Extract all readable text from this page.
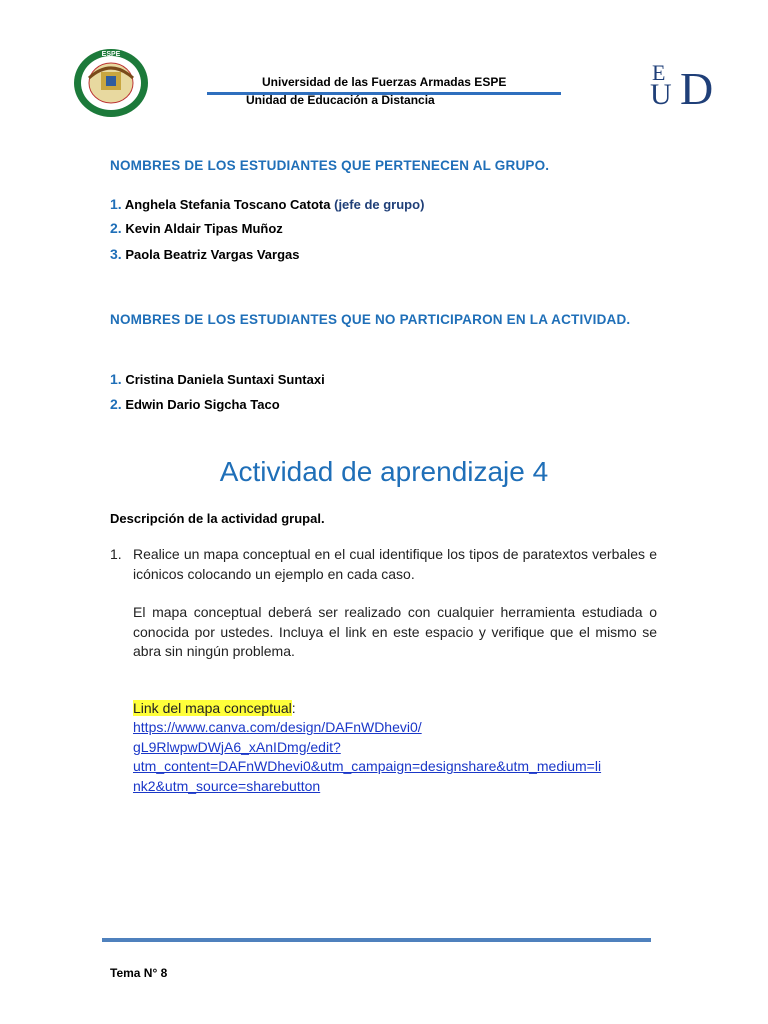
ESPE
E
U D
Universidad de las Fuerzas Armadas ESPE
Unidad de Educación a Distancia
NOMBRES DE LOS ESTUDIANTES QUE PERTENECEN AL GRUPO.
1. Anghela Stefania Toscano Catota (jefe de grupo)
2. Kevin Aldair Tipas Muñoz
3. Paola Beatriz Vargas Vargas
NOMBRES DE LOS ESTUDIANTES QUE NO PARTICIPARON EN LA ACTIVIDAD.
1. Cristina Daniela Suntaxi Suntaxi
2. Edwin Dario Sigcha Taco
Actividad de aprendizaje 4
Descripción de la actividad grupal.
1. Realice un mapa conceptual en el cual identifique los tipos de paratextos verbales e icónicos colocando un ejemplo en cada caso.
El mapa conceptual deberá ser realizado con cualquier herramienta estudiada o conocida por ustedes. Incluya el link en este espacio y verifique que el mismo se abra sin ningún problema.
Link del mapa conceptual:
https://www.canva.com/design/DAFnWDhevi0/
gL9RlwpwDWjA6_xAnIDmg/edit?
utm_content=DAFnWDhevi0&utm_campaign=designshare&utm_medium=li
nk2&utm_source=sharebutton
Tema N° 8
